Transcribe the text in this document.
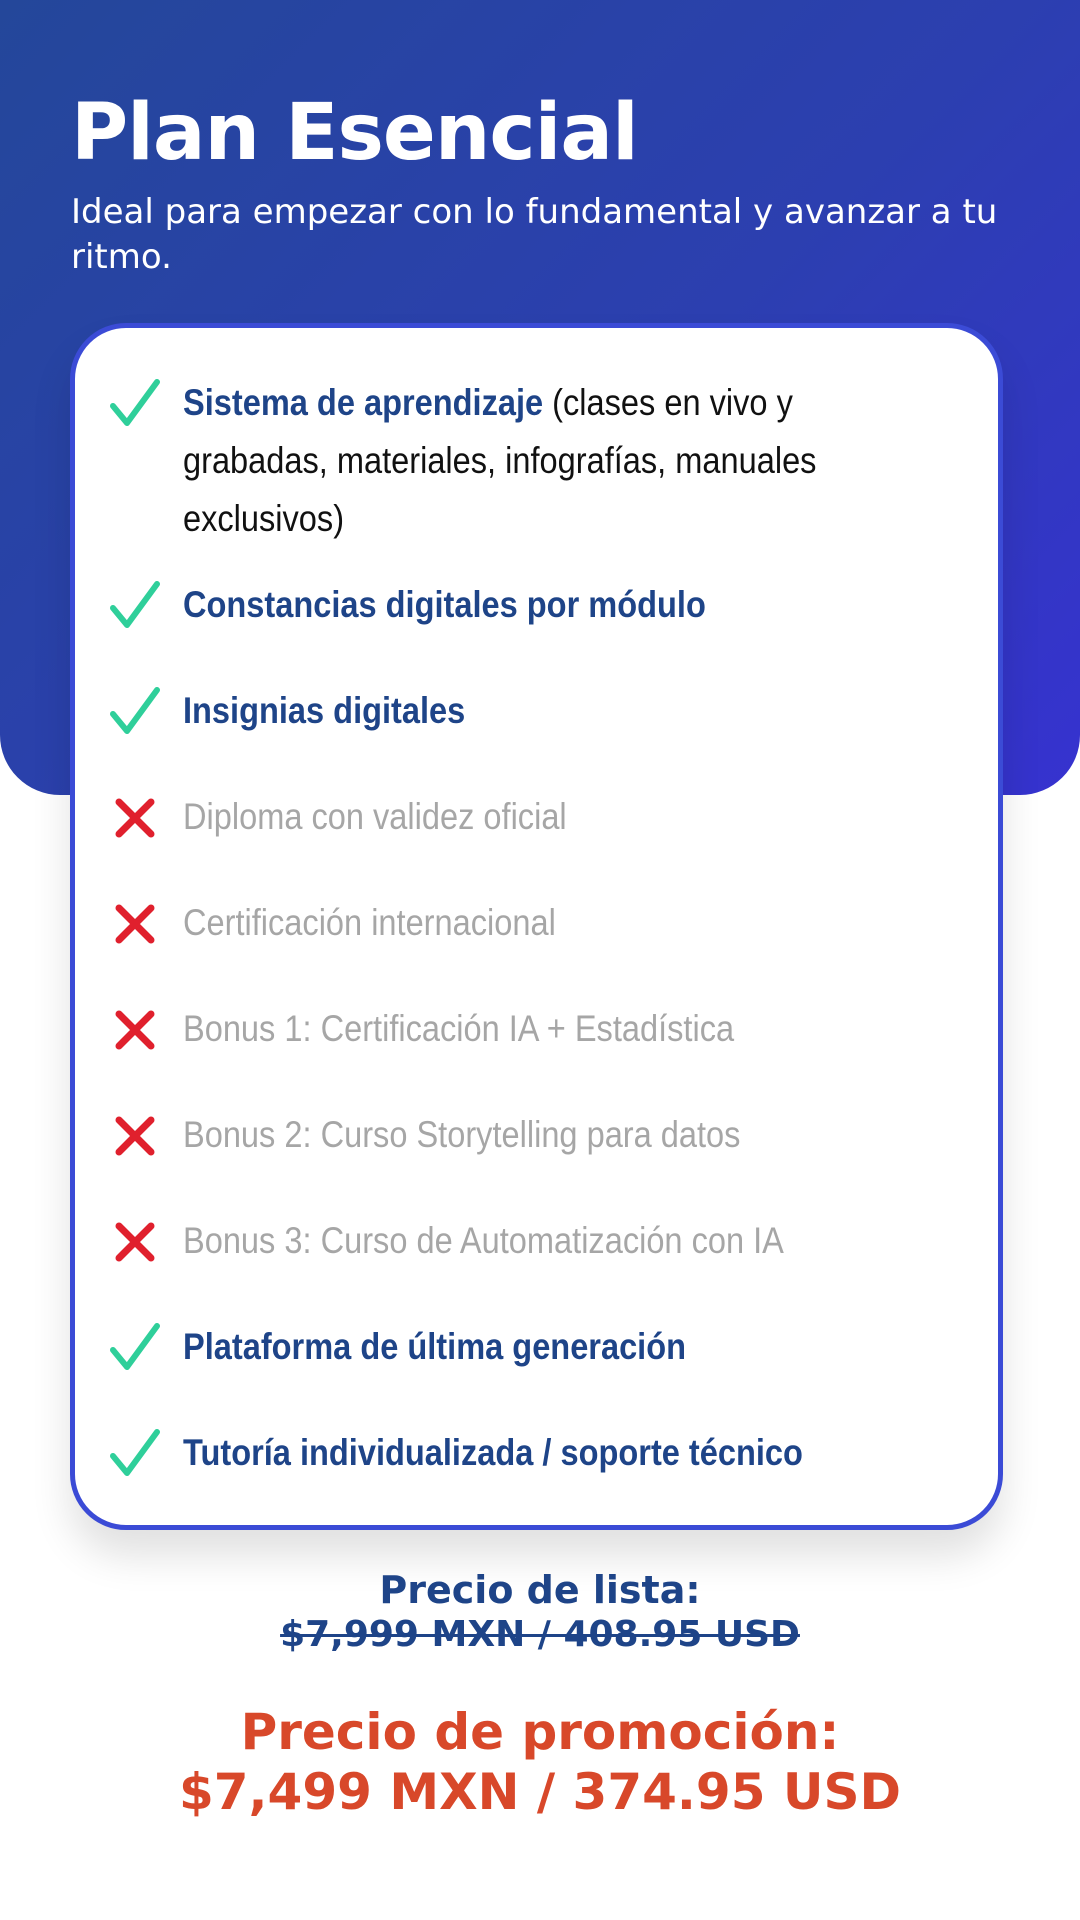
Plan Esencial

Ideal para empezar con lo fundamental y avanzar a tu ritmo.

Sistema de aprendizaje (clases en vivo y grabadas, materiales, infografías, manuales exclusivos)
Constancias digitales por módulo
Insignias digitales
Diploma con validez oficial
Certificación internacional
Bonus 1: Certificación IA + Estadística
Bonus 2: Curso Storytelling para datos
Bonus 3: Curso de Automatización con IA
Plataforma de última generación
Tutoría individualizada / soporte técnico
Precio de lista:
$7,999 MXN / 408.95 USD
Precio de promoción:
$7,499 MXN / 374.95 USD
